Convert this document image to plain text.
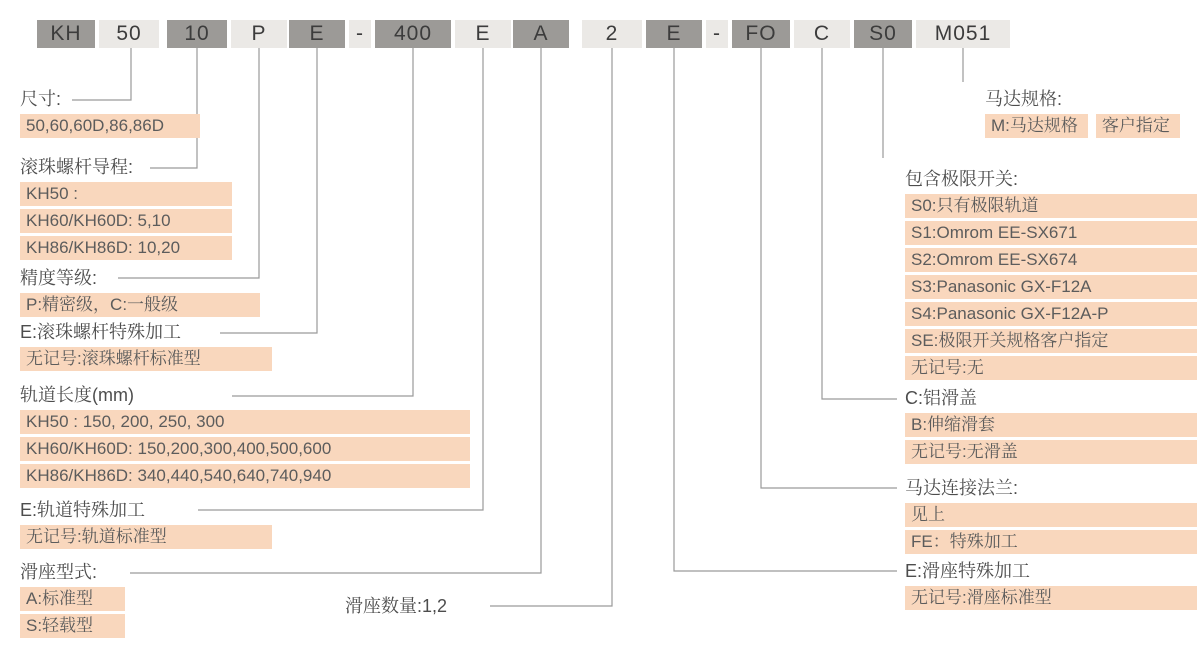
KH	50	10	P	E	-	400	E	A	2	E	-	FO	C	S0	M051
尺寸:
50,60,60D,86,86D
滚珠螺杆导程:
KH50 :
KH60/KH60D: 5,10
KH86/KH86D: 10,20
精度等级:
P:精密级，C:一般级
E:滚珠螺杆特殊加工
无记号:滚珠螺杆标准型
轨道长度(mm)
KH50 : 150, 200, 250, 300
KH60/KH60D: 150,200,300,400,500,600
KH86/KH86D: 340,440,540,640,740,940
E:轨道特殊加工
无记号:轨道标准型
滑座型式:
A:标准型
S:轻载型
滑座数量:1,2
马达规格:
M:马达规格 客户指定
包含极限开关:
S0:只有极限轨道
S1:Omrom EE-SX671
S2:Omrom EE-SX674
S3:Panasonic GX-F12A
S4:Panasonic GX-F12A-P
SE:极限开关规格客户指定
无记号:无
C:铝滑盖
B:伸缩滑套
无记号:无滑盖
马达连接法兰:
见上
FE：特殊加工
E:滑座特殊加工
无记号:滑座标准型
